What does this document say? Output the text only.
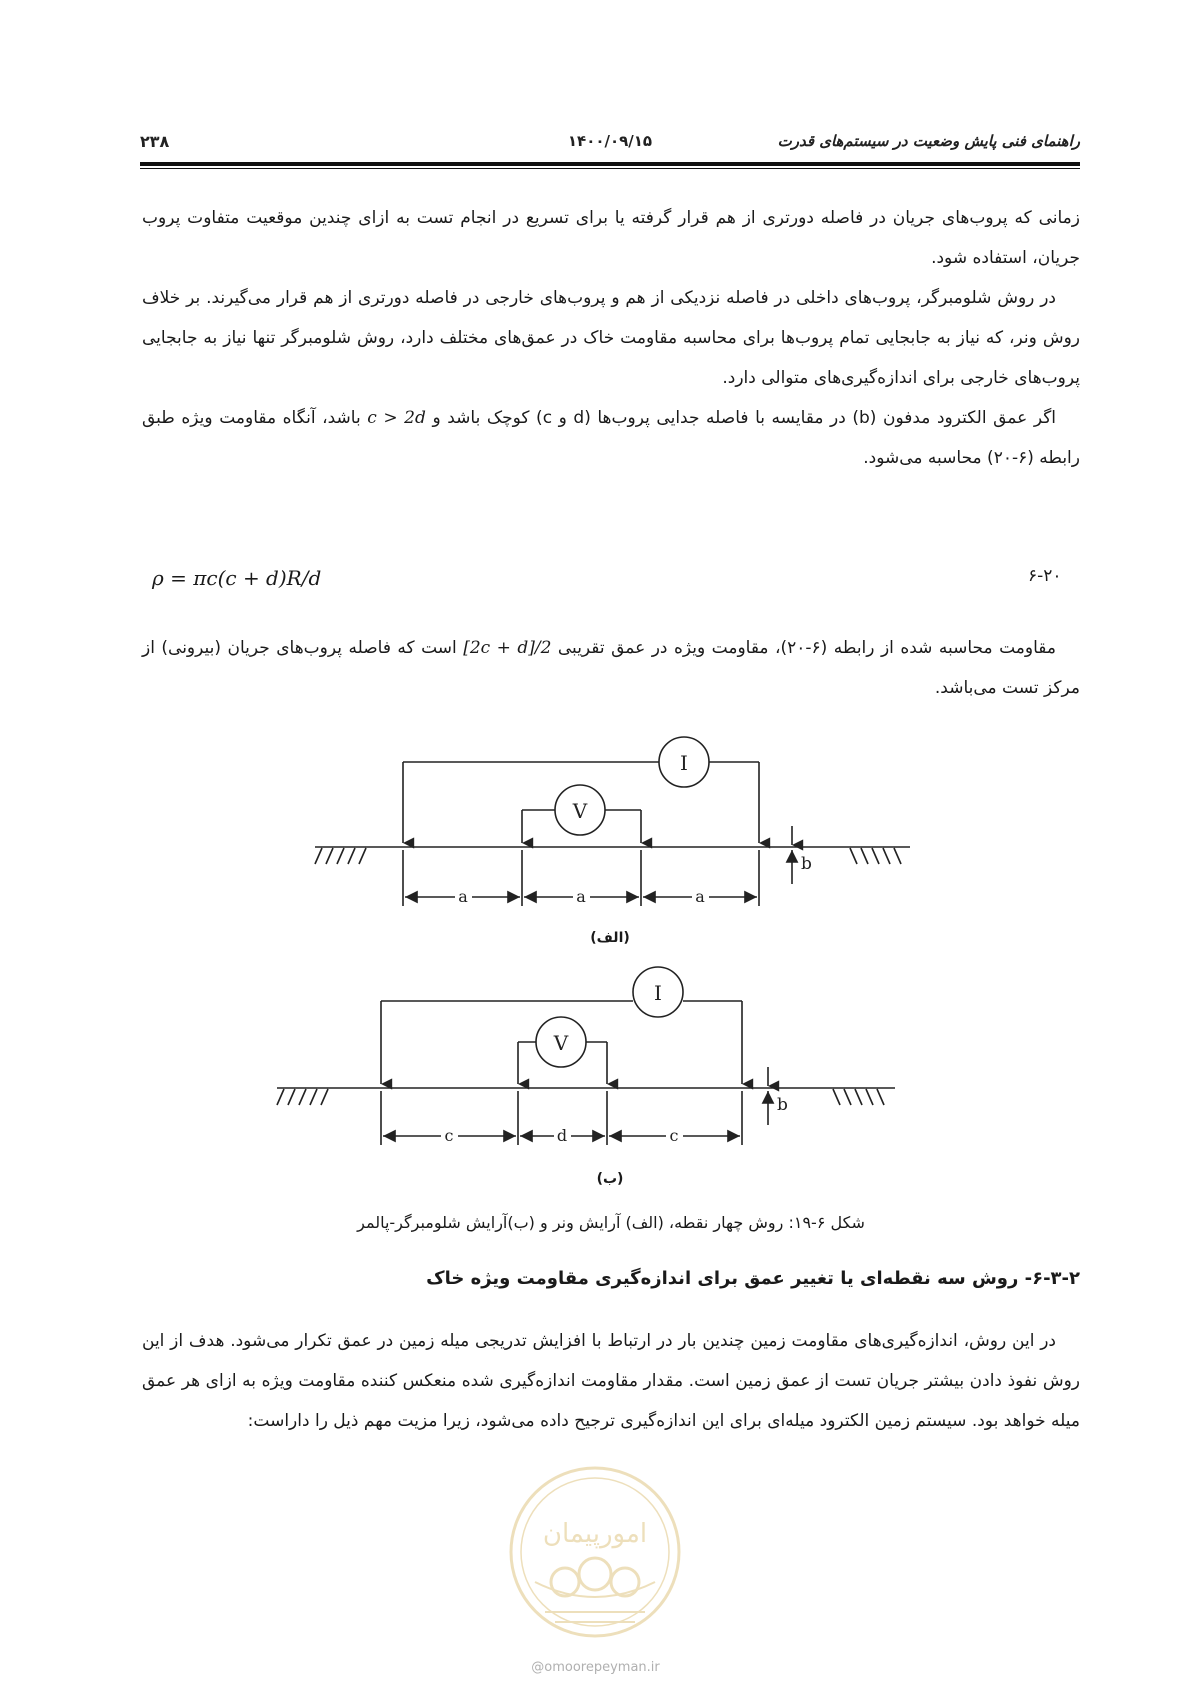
۲۳۸	۱۴۰۰/۰۹/۱۵	راهنمای فنی پایش وضعیت در سیستم‌های قدرت

زمانی که پروب‌های جریان در فاصله دورتری از هم قرار گرفته یا برای تسریع در انجام تست به ازای چندین موقعیت متفاوت پروب جریان، استفاده شود.

در روش شلومبرگر، پروب‌های داخلی در فاصله نزدیکی از هم و پروب‌های خارجی در فاصله دورتری از هم قرار می‌گیرند. بر خلاف روش ونر، که نیاز به جابجایی تمام پروب‌ها برای محاسبه مقاومت خاک در عمق‌های مختلف دارد، روش شلومبرگر تنها نیاز به جابجایی پروب‌های خارجی برای اندازه‌گیری‌های متوالی دارد.

اگر عمق الکترود مدفون (b) در مقایسه با فاصله جدایی پروب‌ها (d و c) کوچک باشد و c > 2d باشد، آنگاه مقاومت ویژه طبق رابطه (۶-۲۰) محاسبه می‌شود.

ρ = πc(c + d)R/d	۶-۲۰

مقاومت محاسبه شده از رابطه (۶-۲۰)، مقاومت ویژه در عمق تقریبی [2c + d]/2 است که فاصله پروب‌های جریان (بیرونی) از مرکز تست می‌باشد.

I
V
b
a	a	a
I
V
b
c	d	c
(الف)
(ب)
شکل ۶-۱۹: روش چهار نقطه، (الف) آرایش ونر و (ب)آرایش شلومبرگر-پالمر
۶-۳-۲- روش سه نقطه‌ای یا تغییر عمق برای اندازه‌گیری مقاومت ویژه خاک

در این روش، اندازه‌گیری‌های مقاومت زمین چندین بار در ارتباط با افزایش تدریجی میله زمین در عمق تکرار می‌شود. هدف از این روش نفوذ دادن بیشتر جریان تست از عمق زمین است. مقدار مقاومت اندازه‌گیری شده منعکس کننده مقاومت ویژه به ازای هر عمق میله خواهد بود. سیستم زمین الکترود میله‌ای برای این اندازه‌گیری ترجیح داده می‌شود، زیرا مزیت مهم ذیل را داراست:

امورپیمان
@omoorepeyman.ir
